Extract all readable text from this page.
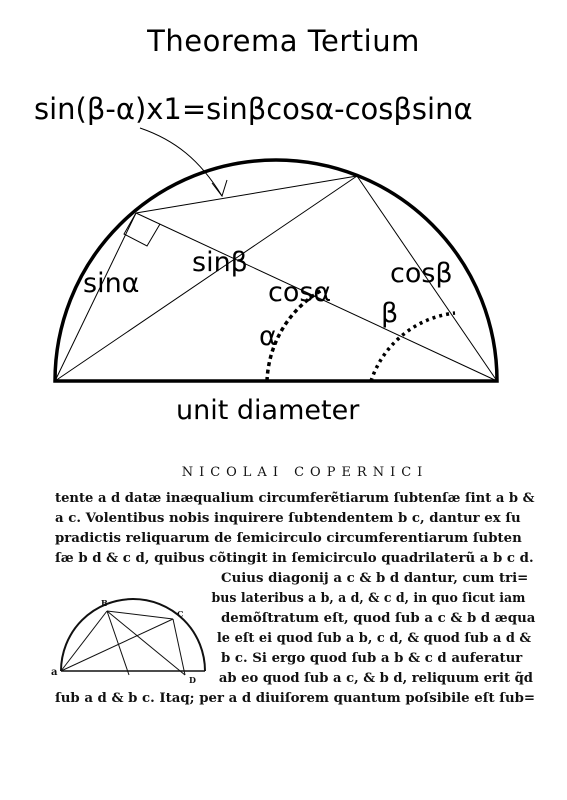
Theorema Tertium
sin(β-α)x1=sinβcosα-cosβsinα
sinα
sinβ
cosα
cosβ
α
β
unit diameter
NICOLAI COPERNICI
tente a d datæ inæqualium circumferẽtiarum ſubtenſæ ſint a b &
a c. Volentibus nobis inquirere ſubtendentem b c, dantur ex ſu
pradictis reliquarum de ſemicirculo circumferentiarum ſubten
ſæ b d & c d, quibus cõtingit in ſemicirculo quadrilaterũ a b c d.
Cuius diagonij a c & b d dantur, cum tri=
bus lateribus a b, a d, & c d, in quo ſicut iam
demõſtratum eſt, quod ſub a c & b d æqua
le eſt ei quod ſub a b, c d, & quod ſub a d &
b c. Si ergo quod ſub a b & c d auferatur
ab eo quod ſub a c, & b d, reliquum erit q̃d
ſub a d & b c. Itaq; per a d diuiſorem quantum poſsibile eſt ſub=
a
B
C
D
